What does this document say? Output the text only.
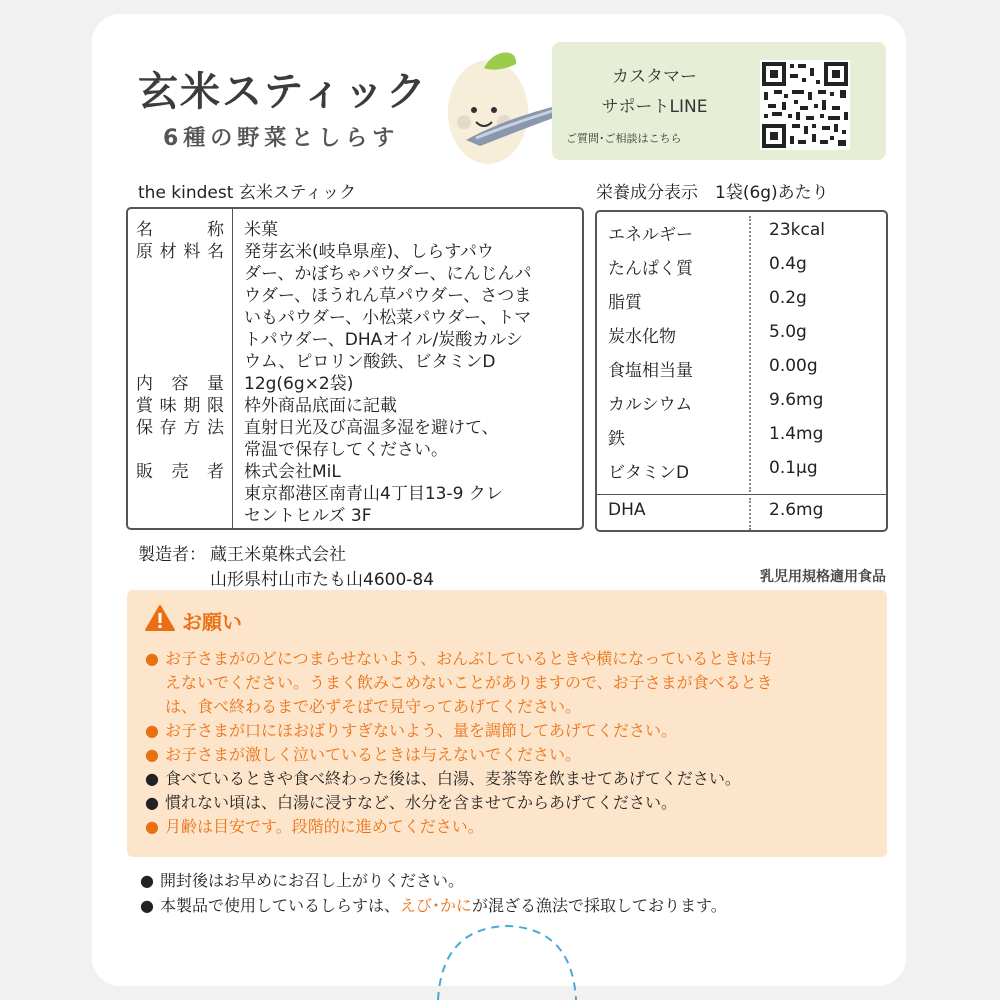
玄米スティック
6種の野菜としらす
カスタマー
サポートLINE
ご質問･ご相談はこちら
the kindest 玄米スティック	栄養成分表示　1袋(6g)あたり
名　称 米菓
原材料名 発芽玄米(岐阜県産)、しらすパウ
ダー、かぼちゃパウダー、にんじんパ
ウダー、ほうれん草パウダー、さつま
いもパウダー、小松菜パウダー、トマ
トパウダー、DHAオイル/炭酸カルシ
ウム、ピロリン酸鉄、ビタミンD
内容量 12g(6g×2袋)
賞味期限 枠外商品底面に記載
保存方法 直射日光及び高温多湿を避けて、
常温で保存してください。
販売者 株式会社MiL
東京都港区南青山4丁目13-9 クレ
セントヒルズ 3F
エネルギー	23kcal
たんぱく質	0.4g
脂質	0.2g
炭水化物	5.0g
食塩相当量	0.00g
カルシウム	9.6mg
鉄	1.4mg
ビタミンD	0.1μg
DHA	2.6mg
製造者： 蔵王米菓株式会社
山形県村山市たも山4600-84	乳児用規格適用食品
お願い
● お子さまがのどにつまらせないよう、おんぶしているときや横になっているときは与
えないでください。うまく飲みこめないことがありますので、お子さまが食べるとき
は、食べ終わるまで必ずそばで見守ってあげてください。
● お子さまが口にほおばりすぎないよう、量を調節してあげてください。
● お子さまが激しく泣いているときは与えないでください。
● 食べているときや食べ終わった後は、白湯、麦茶等を飲ませてあげてください。
● 慣れない頃は、白湯に浸すなど、水分を含ませてからあげてください。
● 月齢は目安です。段階的に進めてください。
● 開封後はお早めにお召し上がりください。
● 本製品で使用しているしらすは、えび･かにが混ざる漁法で採取しております。
